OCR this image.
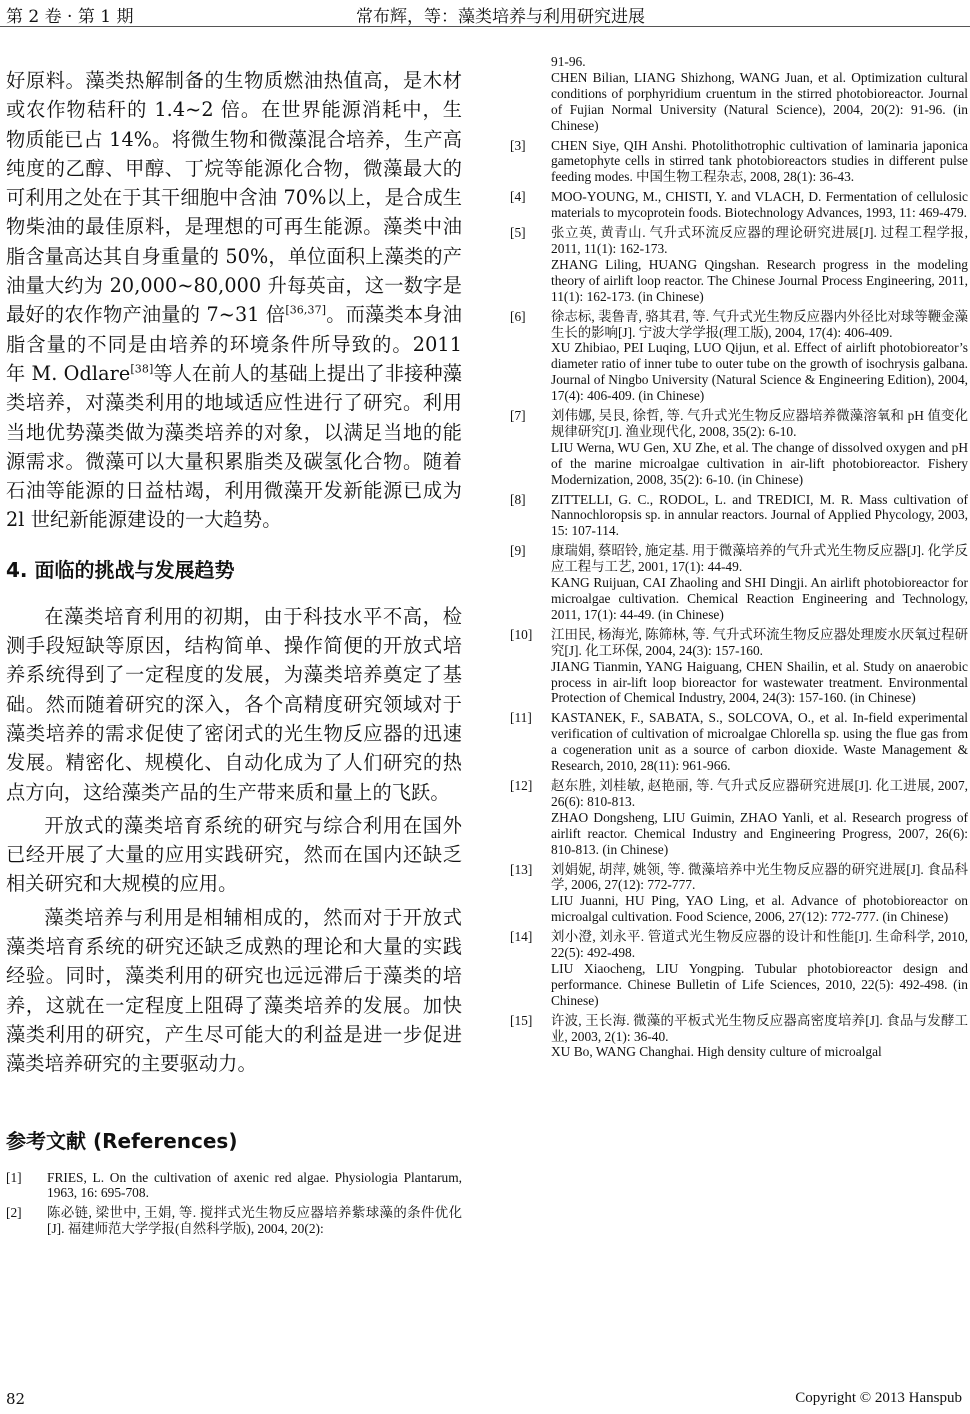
第 2 卷 · 第 1 期	常布辉，等：藻类培养与利用研究进展

好原料。藻类热解制备的生物质燃油热值高，是木材或农作物秸秆的 1.4~2 倍。在世界能源消耗中，生物质能已占 14%。将微生物和微藻混合培养，生产高纯度的乙醇、甲醇、丁烷等能源化合物，微藻最大的可利用之处在于其干细胞中含油 70%以上，是合成生物柴油的最佳原料，是理想的可再生能源。藻类中油脂含量高达其自身重量的 50%，单位面积上藻类的产油量大约为 20,000~80,000 升每英亩，这一数字是最好的农作物产油量的 7~31 倍[36,37]。而藻类本身油脂含量的不同是由培养的环境条件所导致的。2011 年 M. Odlare[38]等人在前人的基础上提出了非接种藻类培养，对藻类利用的地域适应性进行了研究。利用当地优势藻类做为藻类培养的对象，以满足当地的能源需求。微藻可以大量积累脂类及碳氢化合物。随着石油等能源的日益枯竭，利用微藻开发新能源已成为 2l 世纪新能源建设的一大趋势。

4. 面临的挑战与发展趋势

在藻类培育利用的初期，由于科技水平不高，检测手段短缺等原因，结构简单、操作简便的开放式培养系统得到了一定程度的发展，为藻类培养奠定了基础。然而随着研究的深入，各个高精度研究领域对于藻类培养的需求促使了密闭式的光生物反应器的迅速发展。精密化、规模化、自动化成为了人们研究的热点方向，这给藻类产品的生产带来质和量上的飞跃。

开放式的藻类培育系统的研究与综合利用在国外已经开展了大量的应用实践研究，然而在国内还缺乏相关研究和大规模的应用。

藻类培养与利用是相辅相成的，然而对于开放式藻类培育系统的研究还缺乏成熟的理论和大量的实践经验。同时，藻类利用的研究也远远滞后于藻类的培养，这就在一定程度上阻碍了藻类培养的发展。加快藻类利用的研究，产生尽可能大的利益是进一步促进藻类培养研究的主要驱动力。

参考文献 (References)
[1] FRIES, L. On the cultivation of axenic red algae. Physiologia Plantarum, 1963, 16: 695-708.
[2] 陈必链, 梁世中, 王娟, 等. 搅拌式光生物反应器培养紫球藻的条件优化[J]. 福建师范大学学报(自然科学版), 2004, 20(2):
91-96.
CHEN Bilian, LIANG Shizhong, WANG Juan, et al. Optimization cultural conditions of porphyridium cruentum in the stirred photobioreactor. Journal of Fujian Normal University (Natural Science), 2004, 20(2): 91-96. (in Chinese)
[3] CHEN Siye, QIH Anshi. Photolithotrophic cultivation of laminaria japonica gametophyte cells in stirred tank photobioreactors studies in different pulse feeding modes. 中国生物工程杂志, 2008, 28(1): 36-43.
[4] MOO-YOUNG, M., CHISTI, Y. and VLACH, D. Fermentation of cellulosic materials to mycoprotein foods. Biotechnology Advances, 1993, 11: 469-479.
[5] 张立英, 黄青山. 气升式环流反应器的理论研究进展[J]. 过程工程学报, 2011, 11(1): 162-173.
ZHANG Liling, HUANG Qingshan. Research progress in the modeling theory of airlift loop reactor. The Chinese Journal Process Engineering, 2011, 11(1): 162-173. (in Chinese)
[6] 徐志标, 裴鲁青, 骆其君, 等. 气升式光生物反应器内外径比对球等鞭金藻生长的影响[J]. 宁波大学学报(理工版), 2004, 17(4): 406-409.
XU Zhibiao, PEI Luqing, LUO Qijun, et al. Effect of airlift photobioreator’s diameter ratio of inner tube to outer tube on the growth of isochrysis galbana. Journal of Ningbo University (Natural Science & Engineering Edition), 2004, 17(4): 406-409. (in Chinese)
[7] 刘伟娜, 吴艮, 徐哲, 等. 气升式光生物反应器培养微藻溶氧和 pH 值变化规律研究[J]. 渔业现代化, 2008, 35(2): 6-10.
LIU Werna, WU Gen, XU Zhe, et al. The change of dissolved oxygen and pH of the marine microalgae cultivation in air-lift photobioreactor. Fishery Modernization, 2008, 35(2): 6-10. (in Chinese)
[8] ZITTELLI, G. C., RODOL, L. and TREDICI, M. R. Mass cultivation of Nannochloropsis sp. in annular reactors. Journal of Applied Phycology, 2003, 15: 107-114.
[9] 康瑞娟, 蔡昭铃, 施定基. 用于微藻培养的气升式光生物反应器[J]. 化学反应工程与工艺, 2001, 17(1): 44-49.
KANG Ruijuan, CAI Zhaoling and SHI Dingji. An airlift photobioreactor for microalgae cultivation. Chemical Reaction Engineering and Technology, 2011, 17(1): 44-49. (in Chinese)
[10] 江田民, 杨海光, 陈筛林, 等. 气升式环流生物反应器处理废水厌氧过程研究[J]. 化工环保, 2004, 24(3): 157-160.
JIANG Tianmin, YANG Haiguang, CHEN Shailin, et al. Study on anaerobic process in air-lift loop bioreactor for wastewater treatment. Environmental Protection of Chemical Industry, 2004, 24(3): 157-160. (in Chinese)
[11] KASTANEK, F., SABATA, S., SOLCOVA, O., et al. In-field experimental verification of cultivation of microalgae Chlorella sp. using the flue gas from a cogeneration unit as a source of carbon dioxide. Waste Management & Research, 2010, 28(11): 961-966.
[12] 赵东胜, 刘桂敏, 赵艳丽, 等. 气升式反应器研究进展[J]. 化工进展, 2007, 26(6): 810-813.
ZHAO Dongsheng, LIU Guimin, ZHAO Yanli, et al. Research progress of airlift reactor. Chemical Industry and Engineering Progress, 2007, 26(6): 810-813. (in Chinese)
[13] 刘娟妮, 胡萍, 姚领, 等. 微藻培养中光生物反应器的研究进展[J]. 食品科学, 2006, 27(12): 772-777.
LIU Juanni, HU Ping, YAO Ling, et al. Advance of photobioreactor on microalgal cultivation. Food Science, 2006, 27(12): 772-777. (in Chinese)
[14] 刘小澄, 刘永平. 管道式光生物反应器的设计和性能[J]. 生命科学, 2010, 22(5): 492-498.
LIU Xiaocheng, LIU Yongping. Tubular photobioreactor design and performance. Chinese Bulletin of Life Sciences, 2010, 22(5): 492-498. (in Chinese)
[15] 许波, 王长海. 微藻的平板式光生物反应器高密度培养[J]. 食品与发酵工业, 2003, 2(1): 36-40.
XU Bo, WANG Changhai. High density culture of microalgal
82	Copyright © 2013 Hanspub
